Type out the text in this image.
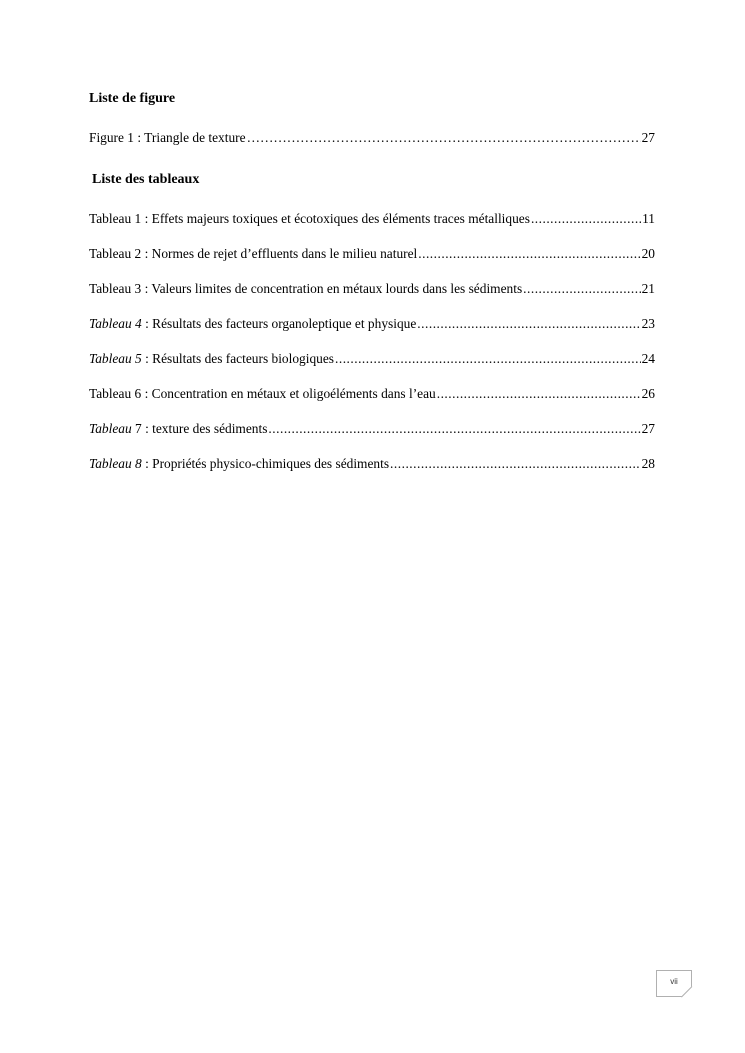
Liste de figure
Figure 1 : Triangle de texture ……………………………………………………………………………………………………………………………………	27
Liste des tableaux
Tableau 1 : Effets majeurs toxiques et écotoxiques des éléments traces métalliques .....	11
Tableau 2 : Normes de rejet d’effluents dans le milieu naturel .....	20
Tableau 3 : Valeurs limites de concentration en métaux lourds dans les sédiments .....	21
Tableau 4 : Résultats des facteurs organoleptique et physique .....	23
Tableau 5 : Résultats des facteurs biologiques .....	24
Tableau 6 : Concentration en métaux et oligoéléments dans l’eau .....	26
Tableau 7 : texture des sédiments .....	27
Tableau 8 : Propriétés physico-chimiques des sédiments .....	28
vii
